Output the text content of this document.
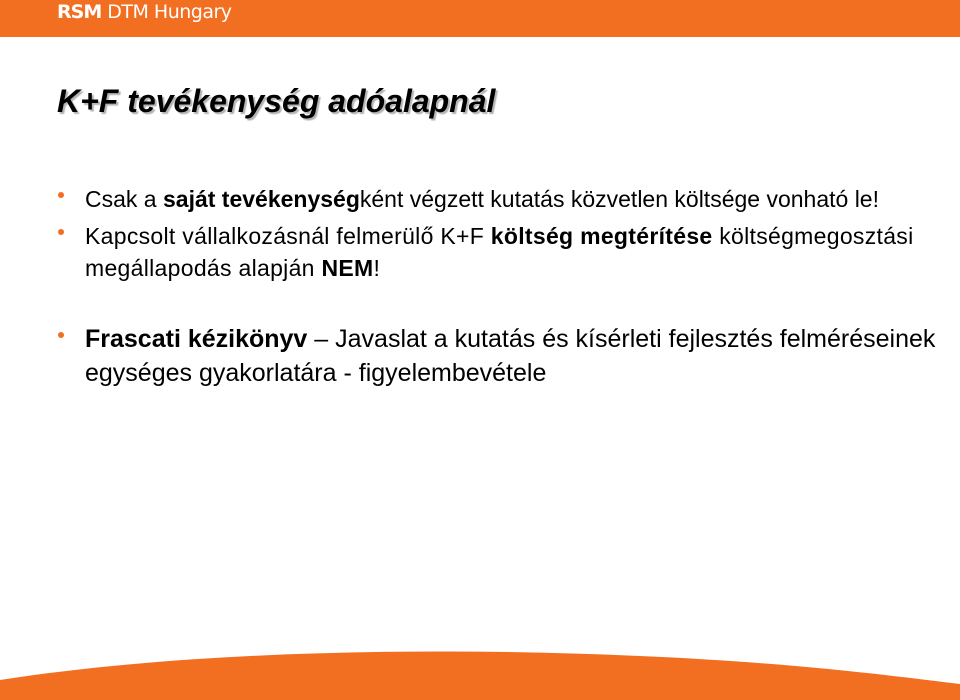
RSM DTM Hungary
K+F tevékenység adóalapnál
Csak a saját tevékenységként végzett kutatás közvetlen költsége vonható le!
Kapcsolt vállalkozásnál felmerülő K+F költség megtérítése költségmegosztási megállapodás alapján NEM!
Frascati kézikönyv – Javaslat a kutatás és kísérleti fejlesztés felméréseinek egységes gyakorlatára - figyelembevétele
